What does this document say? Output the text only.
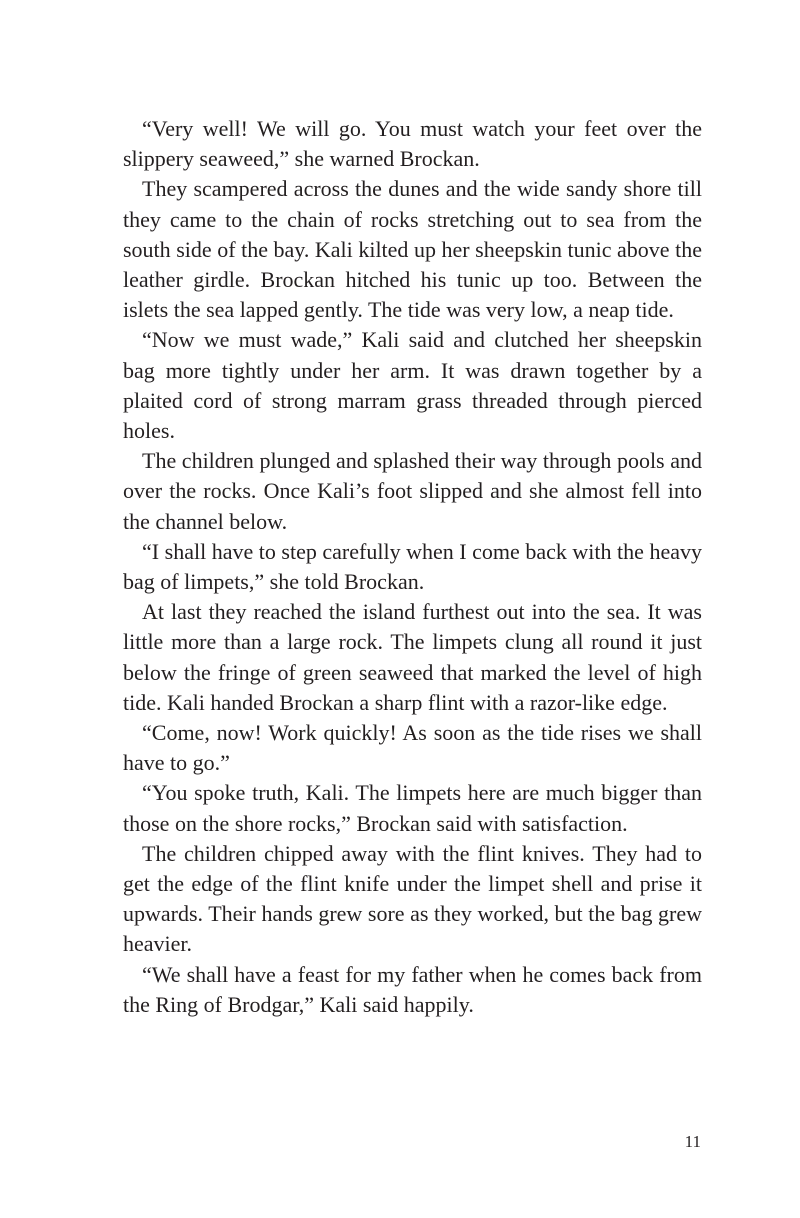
“Very well! We will go. You must watch your feet over the slippery seaweed,” she warned Brockan.

They scampered across the dunes and the wide sandy shore till they came to the chain of rocks stretching out to sea from the south side of the bay. Kali kilted up her sheepskin tunic above the leather girdle. Brockan hitched his tunic up too. Between the islets the sea lapped gently. The tide was very low, a neap tide.

“Now we must wade,” Kali said and clutched her sheepskin bag more tightly under her arm. It was drawn together by a plaited cord of strong marram grass threaded through pierced holes.

The children plunged and splashed their way through pools and over the rocks. Once Kali’s foot slipped and she almost fell into the channel below.

“I shall have to step carefully when I come back with the heavy bag of limpets,” she told Brockan.

At last they reached the island furthest out into the sea. It was little more than a large rock. The limpets clung all round it just below the fringe of green seaweed that marked the level of high tide. Kali handed Brockan a sharp flint with a razor-like edge.

“Come, now! Work quickly! As soon as the tide rises we shall have to go.”

“You spoke truth, Kali. The limpets here are much bigger than those on the shore rocks,” Brockan said with satisfaction.

The children chipped away with the flint knives. They had to get the edge of the flint knife under the limpet shell and prise it upwards. Their hands grew sore as they worked, but the bag grew heavier.

“We shall have a feast for my father when he comes back from the Ring of Brodgar,” Kali said happily.

11
